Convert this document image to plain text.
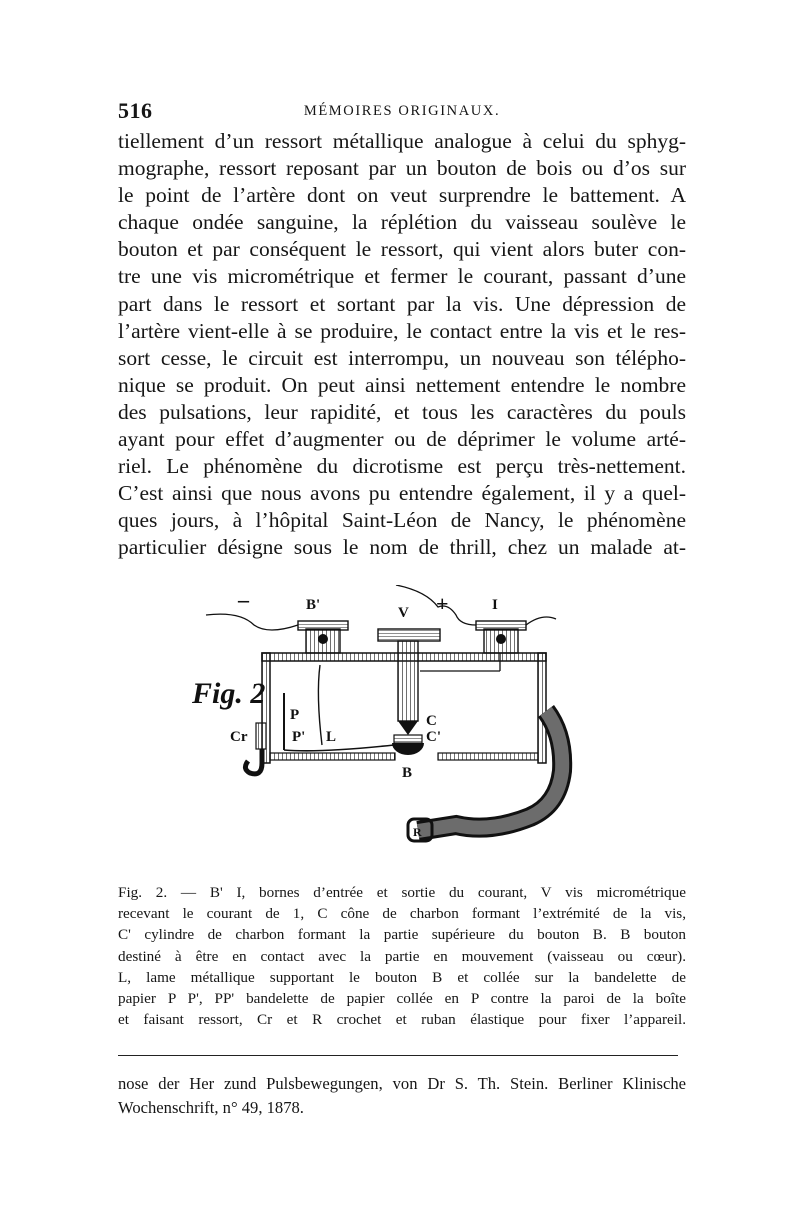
516	MÉMOIRES ORIGINAUX.
tiellement d’un ressort métallique analogue à celui du sphyg-
mographe, ressort reposant par un bouton de bois ou d’os sur
le point de l’artère dont on veut surprendre le battement. A
chaque ondée sanguine, la réplétion du vaisseau soulève le
bouton et par conséquent le ressort, qui vient alors buter con-
tre une vis micrométrique et fermer le courant, passant d’une
part dans le ressort et sortant par la vis. Une dépression de
l’artère vient-elle à se produire, le contact entre la vis et le res-
sort cesse, le circuit est interrompu, un nouveau son télépho-
nique se produit. On peut ainsi nettement entendre le nombre
des pulsations, leur rapidité, et tous les caractères du pouls
ayant pour effet d’augmenter ou de déprimer le volume arté-
riel. Le phénomène du dicrotisme est perçu très-nettement.
C’est ainsi que nous avons pu entendre également, il y a quel-
ques jours, à l’hôpital Saint-Léon de Nancy, le phénomène
particulier désigne sous le nom de thrill, chez un malade at-
Fig. 2
–	B'	V +	I
P
P' L
C
C'
B
Cr
R
Fig. 2. — B' I, bornes d’entrée et sortie du courant, V vis micrométrique
recevant le courant de 1, C cône de charbon formant l’extrémité de la vis,
C' cylindre de charbon formant la partie supérieure du bouton B. B bouton
destiné à être en contact avec la partie en mouvement (vaisseau ou cœur).
L, lame métallique supportant le bouton B et collée sur la bandelette de
papier P P', PP' bandelette de papier collée en P contre la paroi de la boîte
et faisant ressort, Cr et R crochet et ruban élastique pour fixer l’appareil.
nose der Her zund Pulsbewegungen, von Dr S. Th. Stein. Berliner Klinische
Wochenschrift, n° 49, 1878.
